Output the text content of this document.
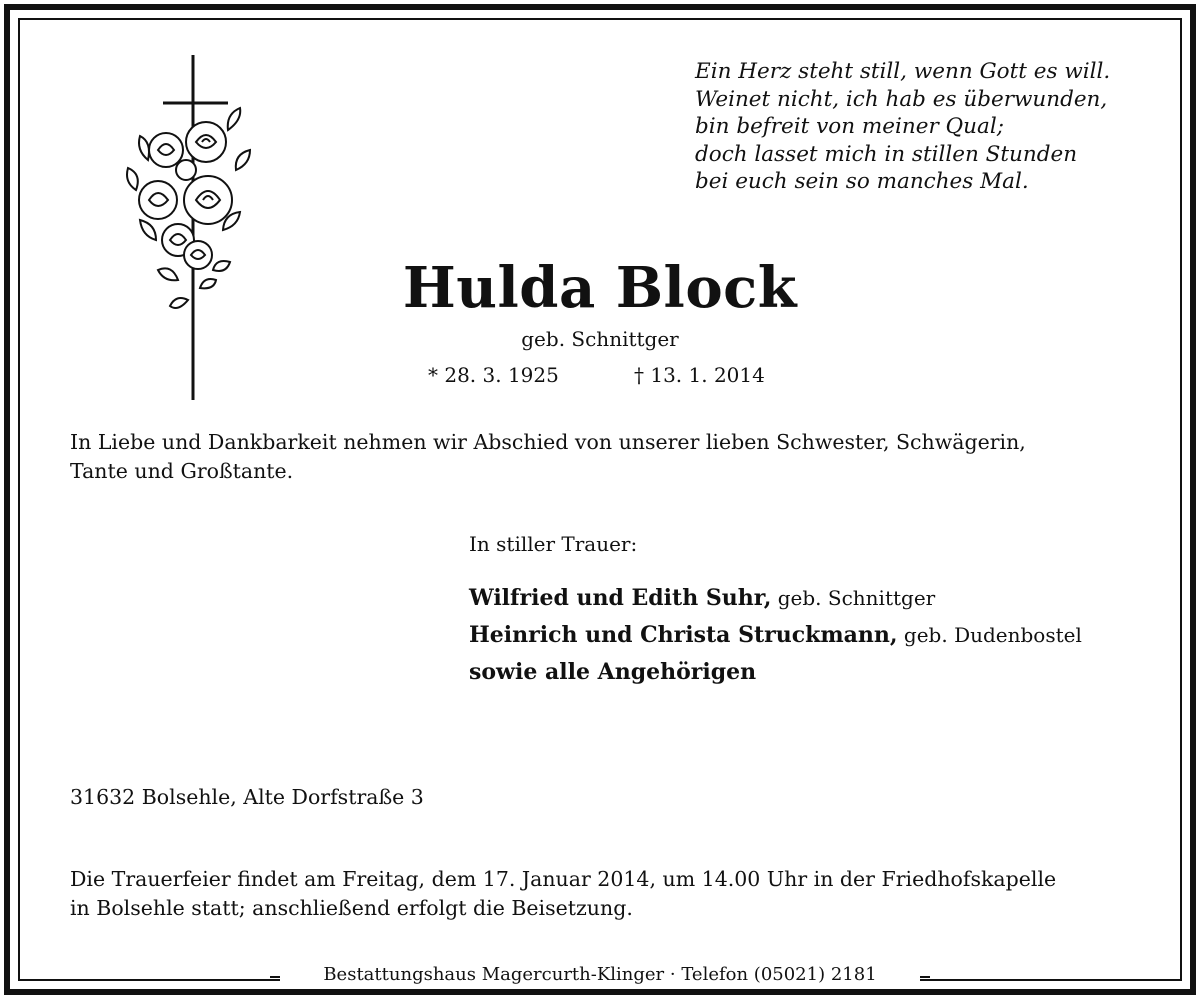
Ein Herz steht still, wenn Gott es will.
Weinet nicht, ich hab es überwunden,
bin befreit von meiner Qual;
doch lasset mich in stillen Stunden
bei euch sein so manches Mal.
Hulda Block
geb. Schnittger
* 28. 3. 1925	† 13. 1. 2014
In Liebe und Dankbarkeit nehmen wir Abschied von unserer lieben Schwester, Schwägerin,
Tante und Großtante.
In stiller Trauer:
Wilfried und Edith Suhr, geb. Schnittger
Heinrich und Christa Struckmann, geb. Dudenbostel
sowie alle Angehörigen
31632 Bolsehle, Alte Dorfstraße 3
Die Trauerfeier findet am Freitag, dem 17. Januar 2014, um 14.00 Uhr in der Friedhofskapelle
in Bolsehle statt; anschließend erfolgt die Beisetzung.
Bestattungshaus Magercurth-Klinger · Telefon (05021) 2181
